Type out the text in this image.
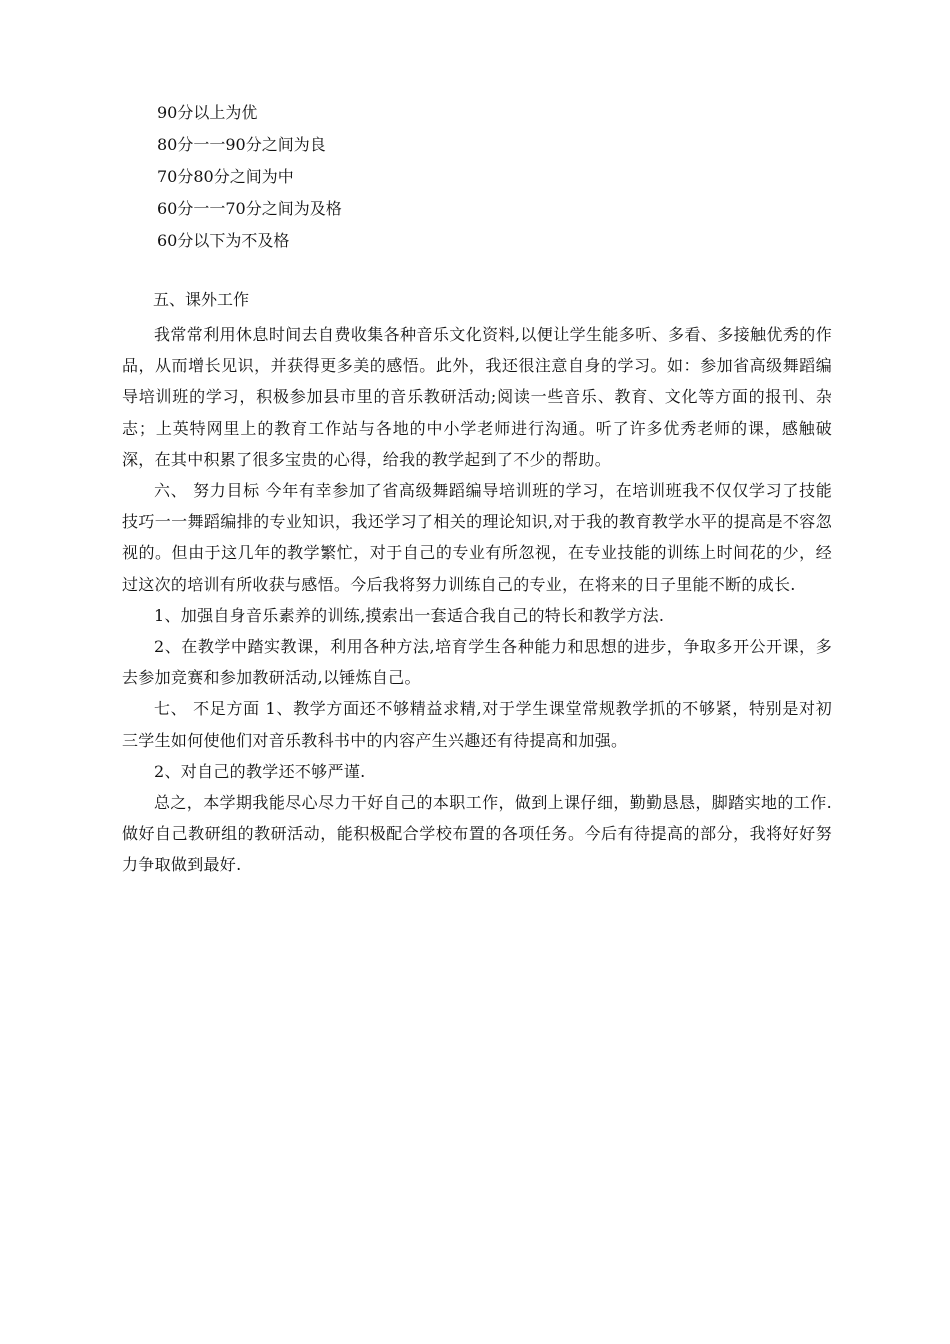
90分以上为优
80分一一90分之间为良
70分80分之间为中
60分一一70分之间为及格
60分以下为不及格
五、课外工作

我常常利用休息时间去自费收集各种音乐文化资料,以便让学生能多听、多看、多接触优秀的作品，从而增长见识，并获得更多美的感悟。此外，我还很注意自身的学习。如：参加省高级舞蹈编导培训班的学习，积极参加县市里的音乐教研活动;阅读一些音乐、教育、文化等方面的报刊、杂志；上英特网里上的教育工作站与各地的中小学老师进行沟通。听了许多优秀老师的课，感触破深，在其中积累了很多宝贵的心得，给我的教学起到了不少的帮助。

六、 努力目标 今年有幸参加了省高级舞蹈编导培训班的学习，在培训班我不仅仅学习了技能技巧一一舞蹈编排的专业知识，我还学习了相关的理论知识,对于我的教育教学水平的提高是不容忽视的。但由于这几年的教学繁忙，对于自己的专业有所忽视，在专业技能的训练上时间花的少，经过这次的培训有所收获与感悟。今后我将努力训练自己的专业，在将来的日子里能不断的成长.

1、加强自身音乐素养的训练,摸索出一套适合我自己的特长和教学方法.

2、在教学中踏实教课，利用各种方法,培育学生各种能力和思想的进步，争取多开公开课，多去参加竞赛和参加教研活动,以锤炼自己。

七、 不足方面 1、教学方面还不够精益求精,对于学生课堂常规教学抓的不够紧，特别是对初三学生如何使他们对音乐教科书中的内容产生兴趣还有待提高和加强。

2、对自己的教学还不够严谨.

总之，本学期我能尽心尽力干好自己的本职工作，做到上课仔细，勤勤恳恳，脚踏实地的工作.做好自己教研组的教研活动，能积极配合学校布置的各项任务。今后有待提高的部分，我将好好努力争取做到最好.
